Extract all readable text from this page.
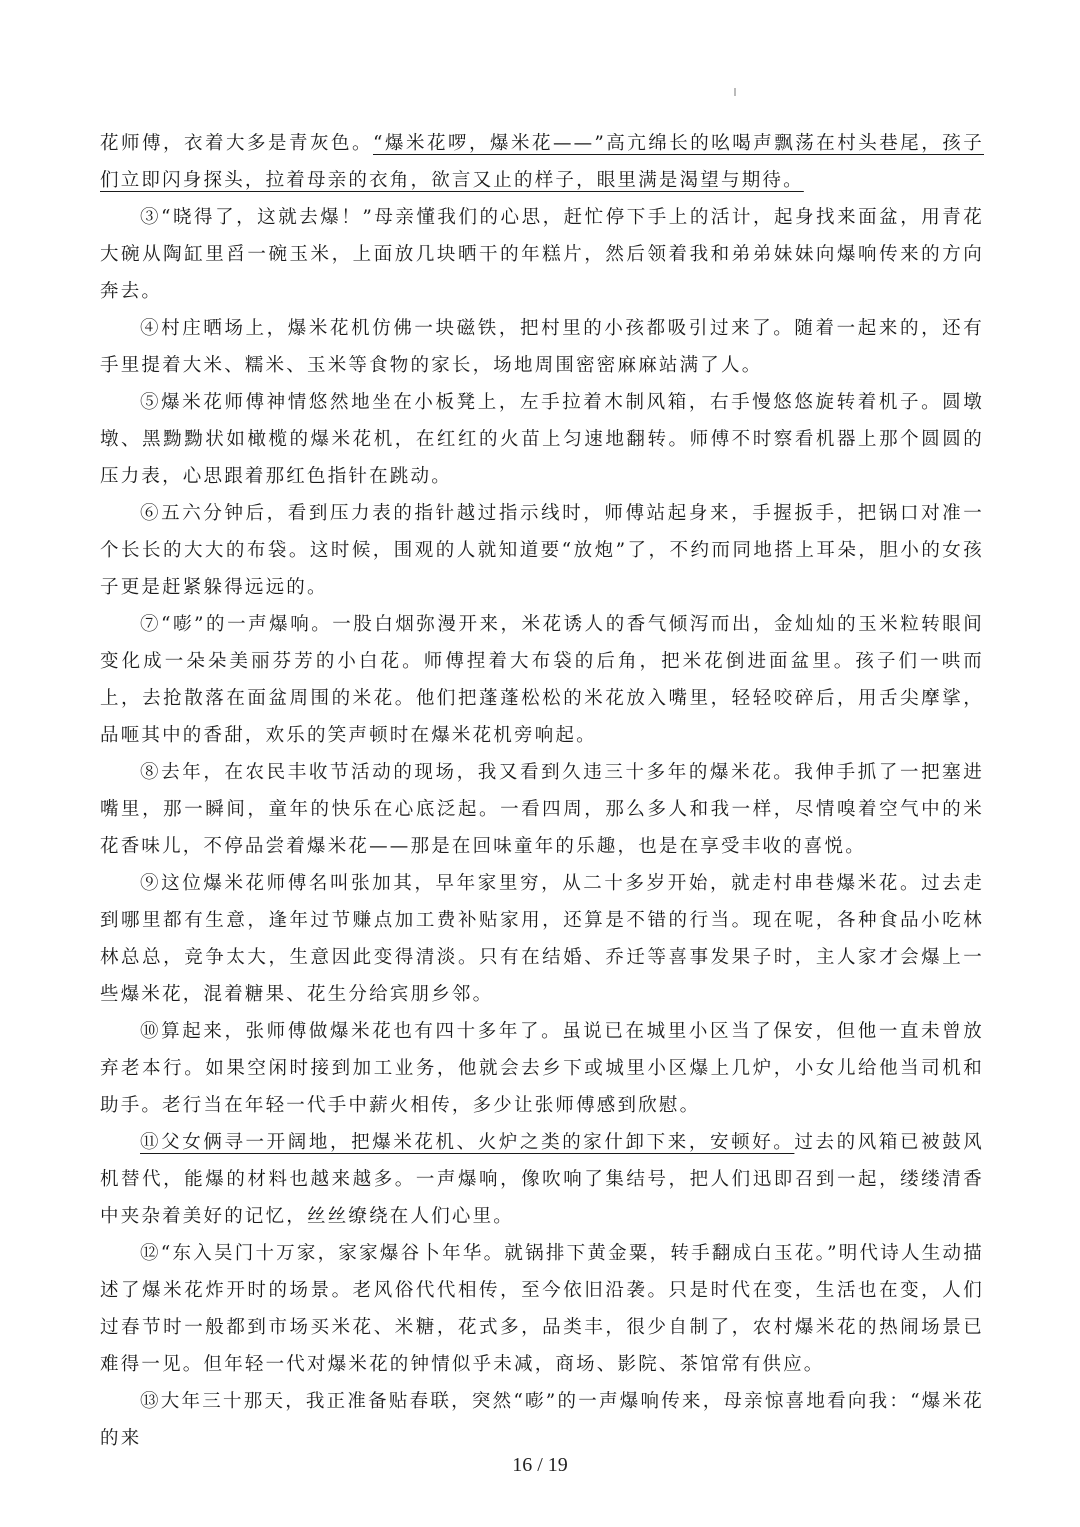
花师傅，衣着大多是青灰色。“爆米花啰，爆米花——”高亢绵长的吆喝声飘荡在村头巷尾，孩子们立即闪身探头，拉着母亲的衣角，欲言又止的样子，眼里满是渴望与期待。

③“晓得了，这就去爆！”母亲懂我们的心思，赶忙停下手上的活计，起身找来面盆，用青花大碗从陶缸里舀一碗玉米，上面放几块晒干的年糕片，然后领着我和弟弟妹妹向爆响传来的方向奔去。

④村庄晒场上，爆米花机仿佛一块磁铁，把村里的小孩都吸引过来了。随着一起来的，还有手里提着大米、糯米、玉米等食物的家长，场地周围密密麻麻站满了人。

⑤爆米花师傅神情悠然地坐在小板凳上，左手拉着木制风箱，右手慢悠悠旋转着机子。圆墩墩、黑黝黝状如橄榄的爆米花机，在红红的火苗上匀速地翻转。师傅不时察看机器上那个圆圆的压力表，心思跟着那红色指针在跳动。

⑥五六分钟后，看到压力表的指针越过指示线时，师傅站起身来，手握扳手，把锅口对准一个长长的大大的布袋。这时候，围观的人就知道要“放炮”了，不约而同地搭上耳朵，胆小的女孩子更是赶紧躲得远远的。

⑦“嘭”的一声爆响。一股白烟弥漫开来，米花诱人的香气倾泻而出，金灿灿的玉米粒转眼间变化成一朵朵美丽芬芳的小白花。师傅捏着大布袋的后角，把米花倒进面盆里。孩子们一哄而上，去抢散落在面盆周围的米花。他们把蓬蓬松松的米花放入嘴里，轻轻咬碎后，用舌尖摩挲，品咂其中的香甜，欢乐的笑声顿时在爆米花机旁响起。

⑧去年，在农民丰收节活动的现场，我又看到久违三十多年的爆米花。我伸手抓了一把塞进嘴里，那一瞬间，童年的快乐在心底泛起。一看四周，那么多人和我一样，尽情嗅着空气中的米花香味儿，不停品尝着爆米花——那是在回味童年的乐趣，也是在享受丰收的喜悦。

⑨这位爆米花师傅名叫张加其，早年家里穷，从二十多岁开始，就走村串巷爆米花。过去走到哪里都有生意，逢年过节赚点加工费补贴家用，还算是不错的行当。现在呢，各种食品小吃林林总总，竞争太大，生意因此变得清淡。只有在结婚、乔迁等喜事发果子时，主人家才会爆上一些爆米花，混着糖果、花生分给宾朋乡邻。

⑩算起来，张师傅做爆米花也有四十多年了。虽说已在城里小区当了保安，但他一直未曾放弃老本行。如果空闲时接到加工业务，他就会去乡下或城里小区爆上几炉，小女儿给他当司机和助手。老行当在年轻一代手中薪火相传，多少让张师傅感到欣慰。

⑪父女俩寻一开阔地，把爆米花机、火炉之类的家什卸下来，安顿好。过去的风箱已被鼓风机替代，能爆的材料也越来越多。一声爆响，像吹响了集结号，把人们迅即召到一起，缕缕清香中夹杂着美好的记忆，丝丝缭绕在人们心里。

⑫“东入吴门十万家，家家爆谷卜年华。就锅排下黄金粟，转手翻成白玉花。”明代诗人生动描述了爆米花炸开时的场景。老风俗代代相传，至今依旧沿袭。只是时代在变，生活也在变，人们过春节时一般都到市场买米花、米糖，花式多，品类丰，很少自制了，农村爆米花的热闹场景已难得一见。但年轻一代对爆米花的钟情似乎未减，商场、影院、茶馆常有供应。

⑬大年三十那天，我正准备贴春联，突然“嘭”的一声爆响传来，母亲惊喜地看向我：“爆米花的来

16 / 19
